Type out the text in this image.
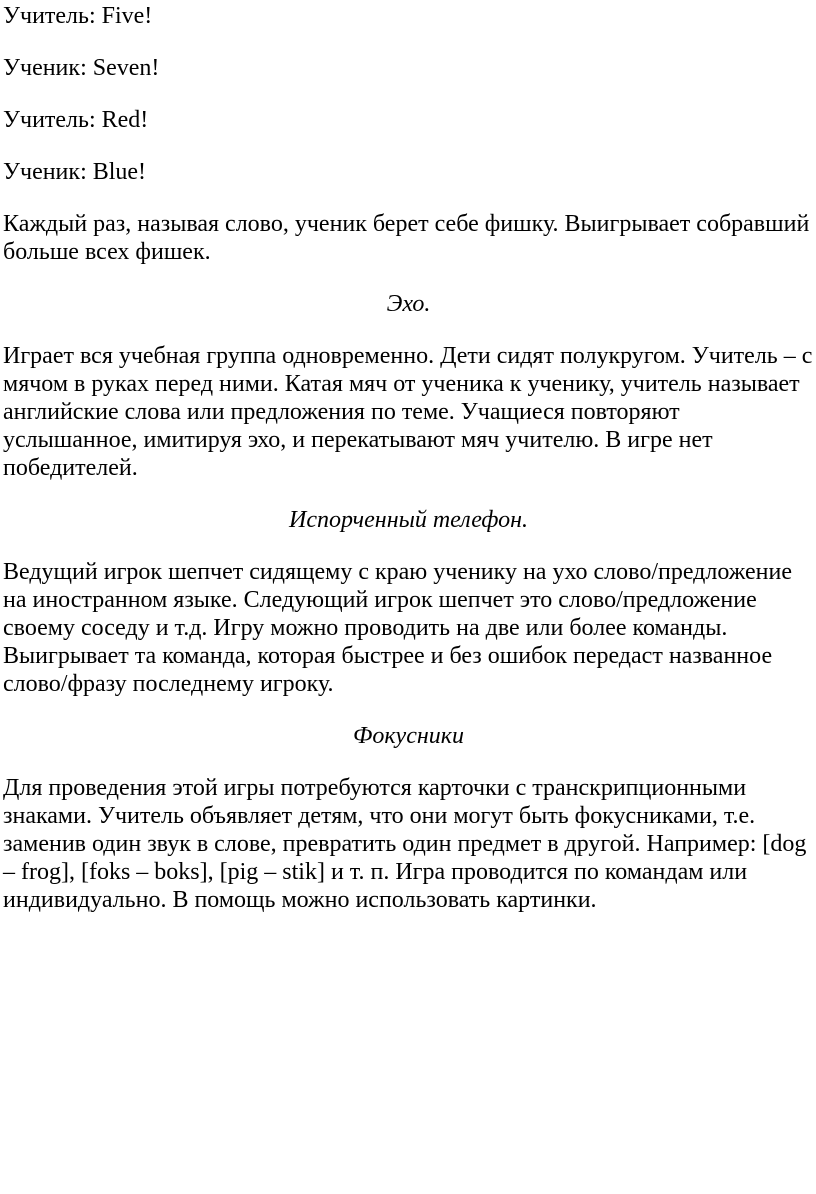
Учитель: Five!

Ученик: Seven!

Учитель: Red!

Ученик: Blue!

Каждый раз, называя слово, ученик берет себе фишку. Выигрывает собравший больше всех фишек.

Эхо.

Играет вся учебная группа одновременно. Дети сидят полукругом. Учитель – с мячом в руках перед ними. Катая мяч от ученика к ученику, учитель называет английские слова или предложения по теме. Учащиеся повторяют услышанное, имитируя эхо, и перекатывают мяч учителю. В игре нет победителей.

Испорченный телефон.

Ведущий игрок шепчет сидящему с краю ученику на ухо слово/предложение на иностранном языке. Следующий игрок шепчет это слово/предложение своему соседу и т.д. Игру можно проводить на две или более команды. Выигрывает та команда, которая быстрее и без ошибок передаст названное слово/фразу последнему игроку.

Фокусники

Для проведения этой игры потребуются карточки с транскрипционными знаками. Учитель объявляет детям, что они могут быть фокусниками, т.е. заменив один звук в слове, превратить один предмет в другой. Например: [dog – frog], [foks – boks], [pig – stik] и т. п. Игра проводится по командам или индивидуально. В помощь можно использовать картинки.
